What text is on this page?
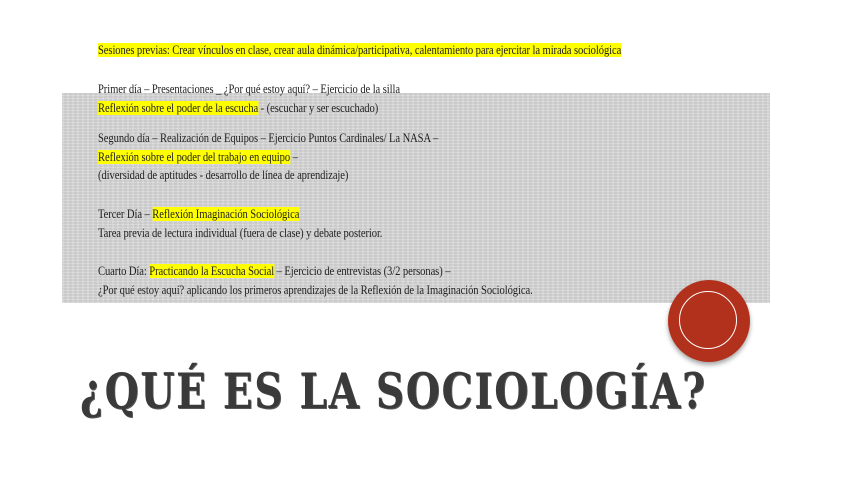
Sesiones previas: Crear vínculos en clase, crear aula dinámica/participativa, calentamiento para ejercitar la mirada sociológica
Primer día – Presentaciones _ ¿Por qué estoy aquí? – Ejercicio de la silla
Reflexión sobre el poder de la escucha - (escuchar y ser escuchado)
Segundo día – Realización de Equipos – Ejercicio Puntos Cardinales/ La NASA –
Reflexión sobre el poder del trabajo en equipo –
(diversidad de aptitudes - desarrollo de línea de aprendizaje)
Tercer Día – Reflexión Imaginación Sociológica
Tarea previa de lectura individual (fuera de clase) y debate posterior.
Cuarto Día: Practicando la Escucha Social – Ejercicio de entrevistas (3/2 personas) –
¿Por qué estoy aquí? aplicando los primeros aprendizajes de la Reflexión de la Imaginación Sociológica.
¿QUÉ ES LA SOCIOLOGÍA?
